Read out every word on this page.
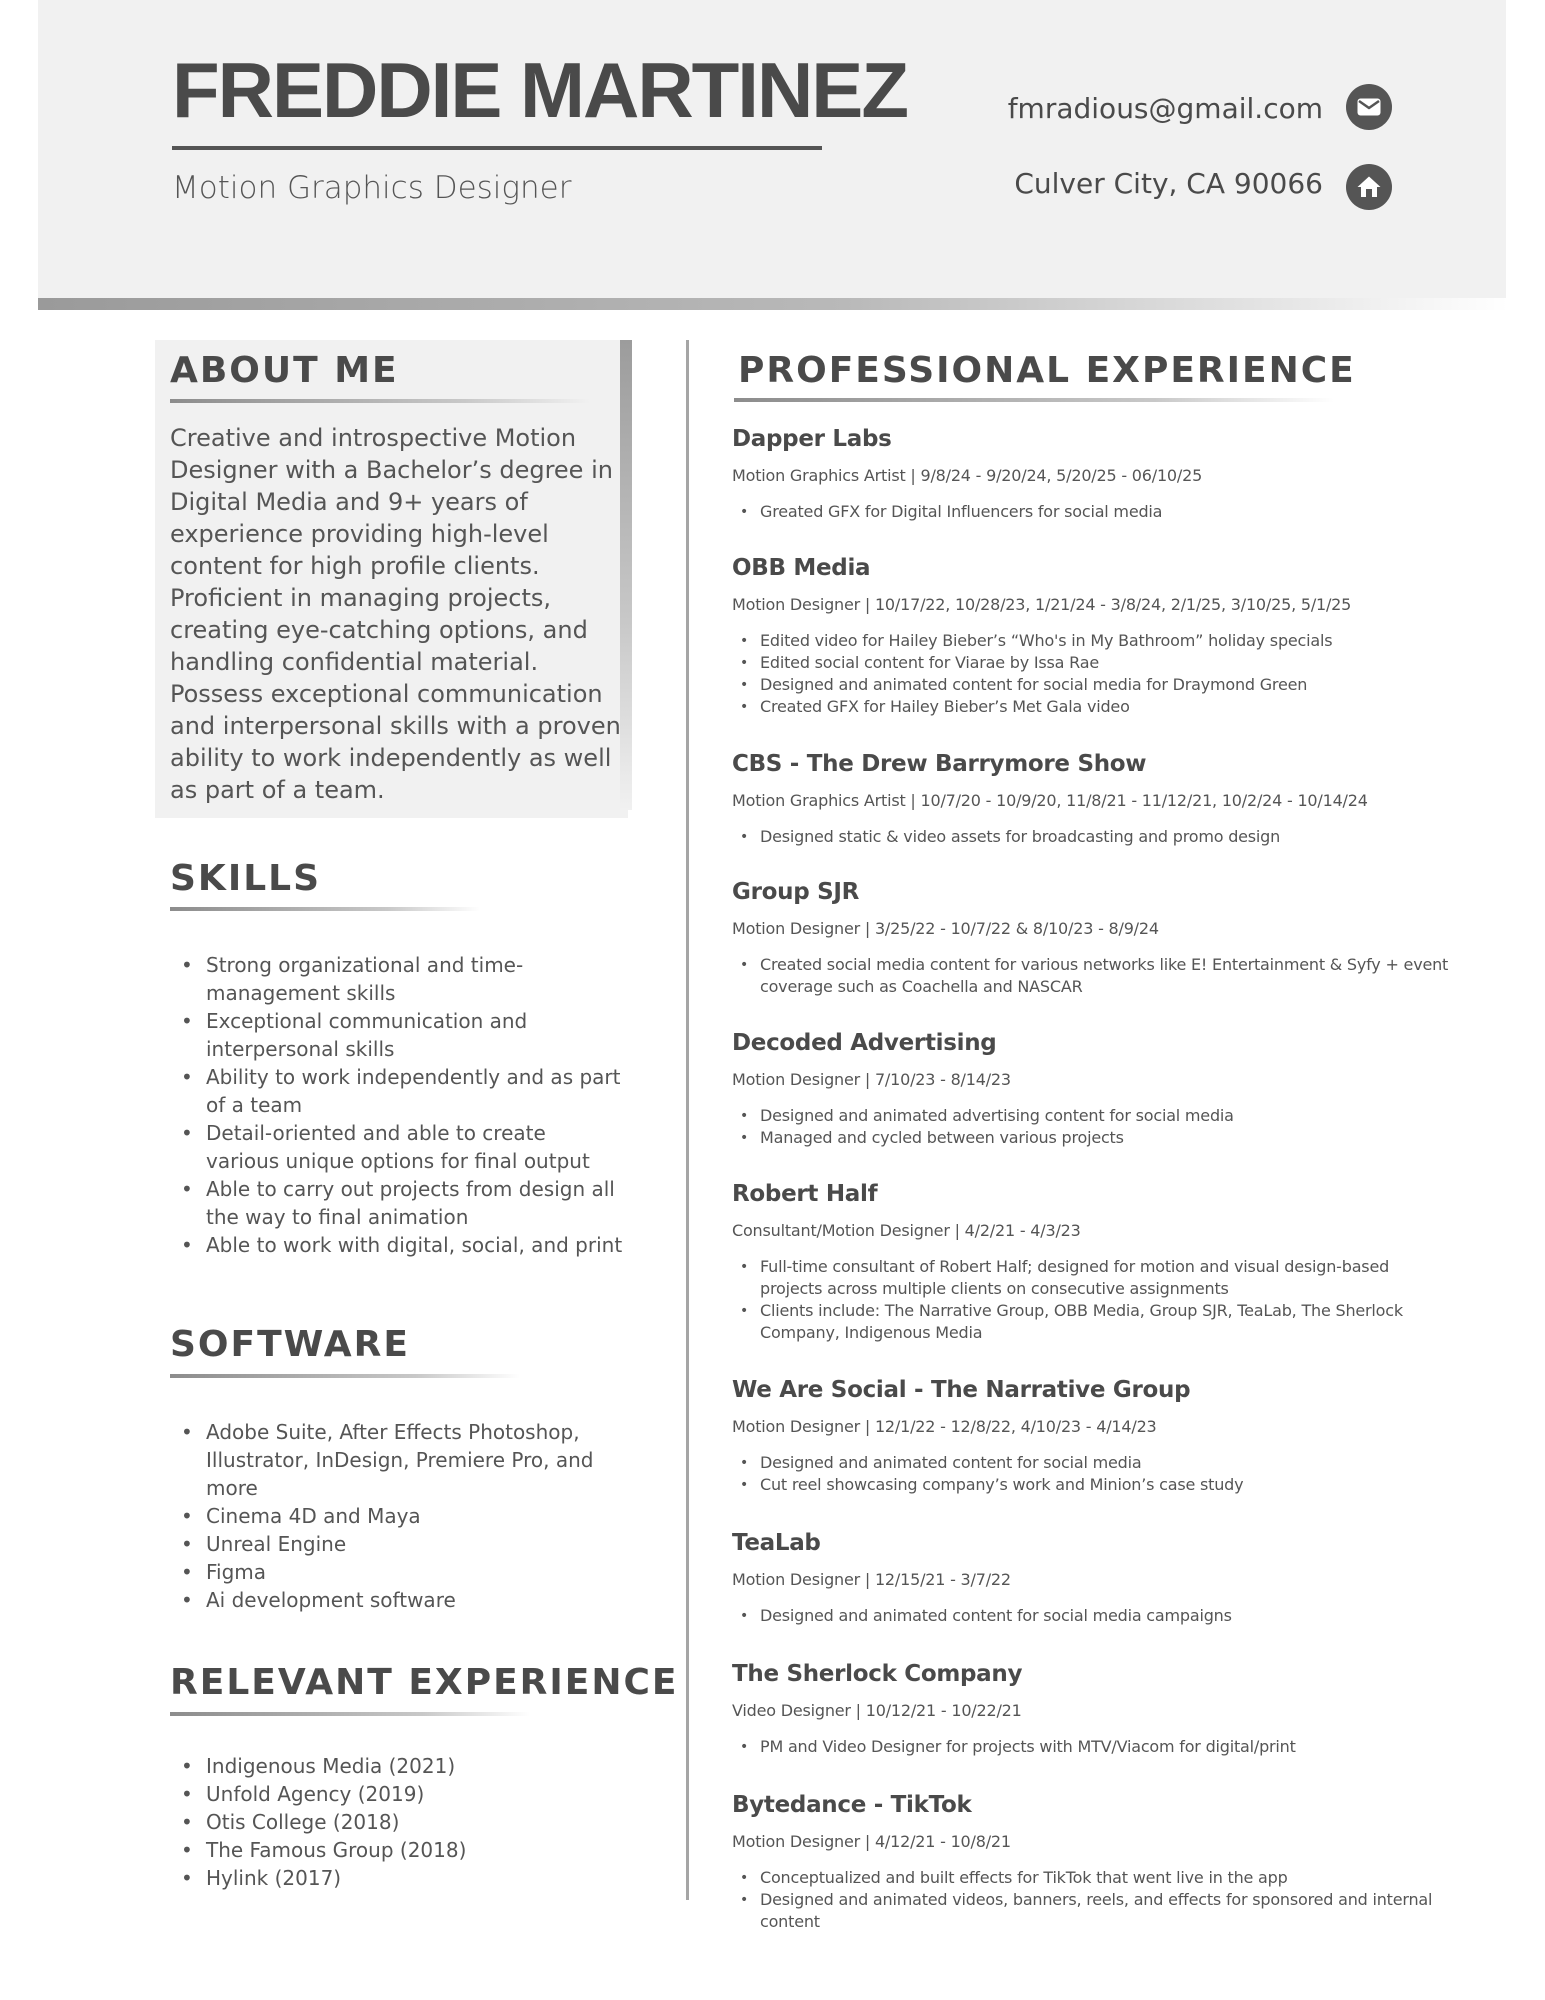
FREDDIE MARTINEZ
Motion Graphics Designer
fmradious@gmail.com
Culver City, CA 90066
ABOUT ME

Creative and introspective Motion Designer with a Bachelor’s degree in Digital Media and 9+ years of experience providing high-level content for high profile clients. Proficient in managing projects, creating eye-catching options, and handling confidential material.

Possess exceptional communication and interpersonal skills with a proven ability to work independently as well as part of a team.

SKILLS
• Strong organizational and time-management skills
• Exceptional communication and interpersonal skills
• Ability to work independently and as part of a team
• Detail-oriented and able to create various unique options for final output
• Able to carry out projects from design all the way to final animation
• Able to work with digital, social, and print
SOFTWARE
• Adobe Suite, After Effects Photoshop, Illustrator, InDesign, Premiere Pro, and more
• Cinema 4D and Maya
• Unreal Engine
• Figma
• Ai development software
RELEVANT EXPERIENCE
• Indigenous Media (2021)
• Unfold Agency (2019)
• Otis College (2018)
• The Famous Group (2018)
• Hylink (2017)
PROFESSIONAL EXPERIENCE
Dapper Labs
Motion Graphics Artist | 9/8/24 - 9/20/24, 5/20/25 - 06/10/25
• Greated GFX for Digital Influencers for social media
OBB Media
Motion Designer | 10/17/22, 10/28/23, 1/21/24 - 3/8/24, 2/1/25, 3/10/25, 5/1/25
• Edited video for Hailey Bieber’s “Who's in My Bathroom” holiday specials
• Edited social content for Viarae by Issa Rae
• Designed and animated content for social media for Draymond Green
• Created GFX for Hailey Bieber’s Met Gala video
CBS - The Drew Barrymore Show
Motion Graphics Artist | 10/7/20 - 10/9/20, 11/8/21 - 11/12/21, 10/2/24 - 10/14/24
• Designed static & video assets for broadcasting and promo design
Group SJR
Motion Designer | 3/25/22 - 10/7/22 & 8/10/23 - 8/9/24
• Created social media content for various networks like E! Entertainment & Syfy + event coverage such as Coachella and NASCAR
Decoded Advertising
Motion Designer | 7/10/23 - 8/14/23
• Designed and animated advertising content for social media
• Managed and cycled between various projects
Robert Half
Consultant/Motion Designer | 4/2/21 - 4/3/23
• Full-time consultant of Robert Half; designed for motion and visual design-based projects across multiple clients on consecutive assignments
• Clients include: The Narrative Group, OBB Media, Group SJR, TeaLab, The Sherlock Company, Indigenous Media
We Are Social - The Narrative Group
Motion Designer | 12/1/22 - 12/8/22, 4/10/23 - 4/14/23
• Designed and animated content for social media
• Cut reel showcasing company’s work and Minion’s case study
TeaLab
Motion Designer | 12/15/21 - 3/7/22
• Designed and animated content for social media campaigns
The Sherlock Company
Video Designer | 10/12/21 - 10/22/21
• PM and Video Designer for projects with MTV/Viacom for digital/print
Bytedance - TikTok
Motion Designer | 4/12/21 - 10/8/21
• Conceptualized and built effects for TikTok that went live in the app
• Designed and animated videos, banners, reels, and effects for sponsored and internal content
